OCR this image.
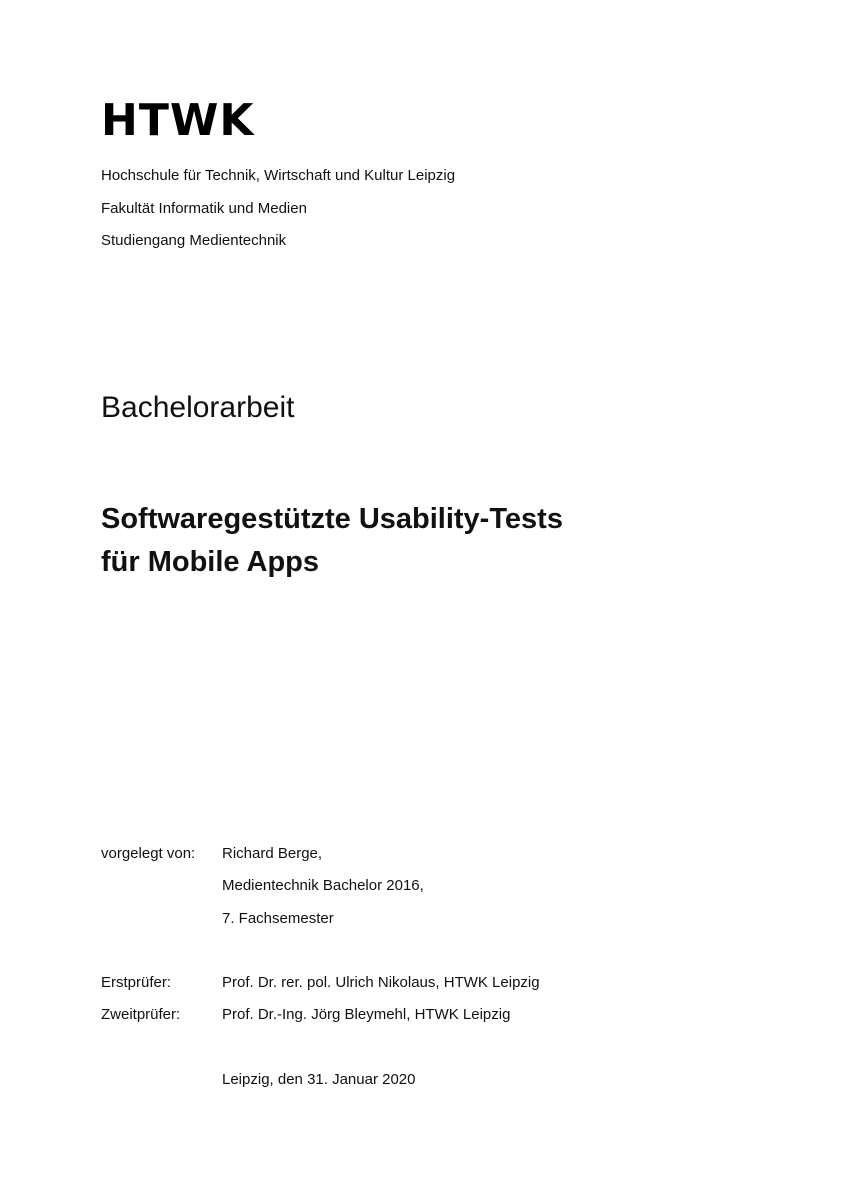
HTWK
Hochschule für Technik, Wirtschaft und Kultur Leipzig
Fakultät Informatik und Medien
Studiengang Medientechnik
Bachelorarbeit
Softwaregestützte Usability-Tests
für Mobile Apps
vorgelegt von: Richard Berge,
Medientechnik Bachelor 2016,
7. Fachsemester
Erstprüfer:	Prof. Dr. rer. pol. Ulrich Nikolaus, HTWK Leipzig
Zweitprüfer:	Prof. Dr.-Ing. Jörg Bleymehl, HTWK Leipzig
Leipzig, den 31. Januar 2020
